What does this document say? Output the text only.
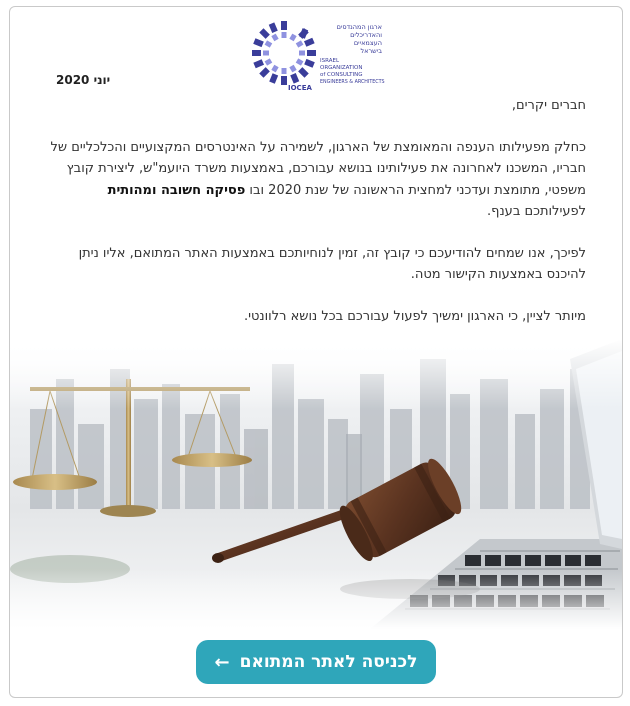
ארגון המהנדסים
והאדריכלים
העצמאיים
בישראל
ISRAEL
ORGANIZATION
of CONSULTING
ENGINEERS & ARCHITECTS
IOCEA
יוני 2020

חברים יקרים,

כחלק מפעילותו הענפה והמאומצת של הארגון, לשמירה על האינטרסים המקצועיים והכלכליים של חבריו, המשכנו לאחרונה את פעילותינו בנושא עבורכם, באמצעות משרד היועמ"ש, ליצירת קובץ משפטי, מתומצת ועדכני למחצית הראשונה של שנת 2020 ובו פסיקה חשובה ומהותית לפעילותכם בענף.

לפיכך, אנו שמחים להודיעכם כי קובץ זה, זמין לנוחיותכם באמצעות האתר המתואם, אליו ניתן להיכנס באמצעות הקישור מטה.

מיותר לציין, כי הארגון ימשיך לפעול עבורכם בכל נושא רלוונטי.

לכניסה לאתר המתואם
←
